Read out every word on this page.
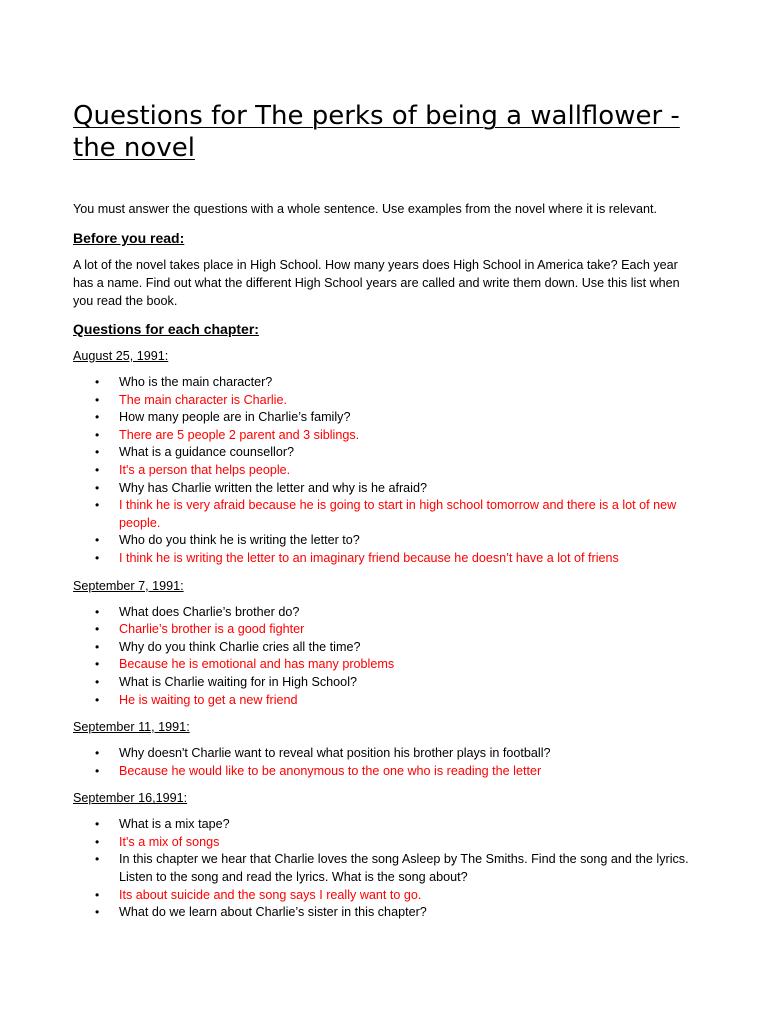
Questions for The perks of being a wallflower - the novel

You must answer the questions with a whole sentence. Use examples from the novel where it is relevant.

Before you read:

A lot of the novel takes place in High School. How many years does High School in America take? Each year has a name. Find out what the different High School years are called and write them down. Use this list when you read the book.

Questions for each chapter:
August 25, 1991:
• Who is the main character?
• The main character is Charlie.
• How many people are in Charlie’s family?
• There are 5 people 2 parent and 3 siblings.
• What is a guidance counsellor?
• It's a person that helps people.
• Why has Charlie written the letter and why is he afraid?
• I think he is very afraid because he is going to start in high school tomorrow and there is a lot of new people.
• Who do you think he is writing the letter to?
• I think he is writing the letter to an imaginary friend because he doesn’t have a lot of friens
September 7, 1991:
• What does Charlie’s brother do?
• Charlie’s brother is a good fighter
• Why do you think Charlie cries all the time?
• Because he is emotional and has many problems
• What is Charlie waiting for in High School?
• He is waiting to get a new friend
September 11, 1991:
• Why doesn't Charlie want to reveal what position his brother plays in football?
• Because he would like to be anonymous to the one who is reading the letter
September 16,1991:
• What is a mix tape?
• It's a mix of songs
• In this chapter we hear that Charlie loves the song Asleep by The Smiths. Find the song and the lyrics. Listen to the song and read the lyrics. What is the song about?
• Its about suicide and the song says I really want to go.
• What do we learn about Charlie’s sister in this chapter?
